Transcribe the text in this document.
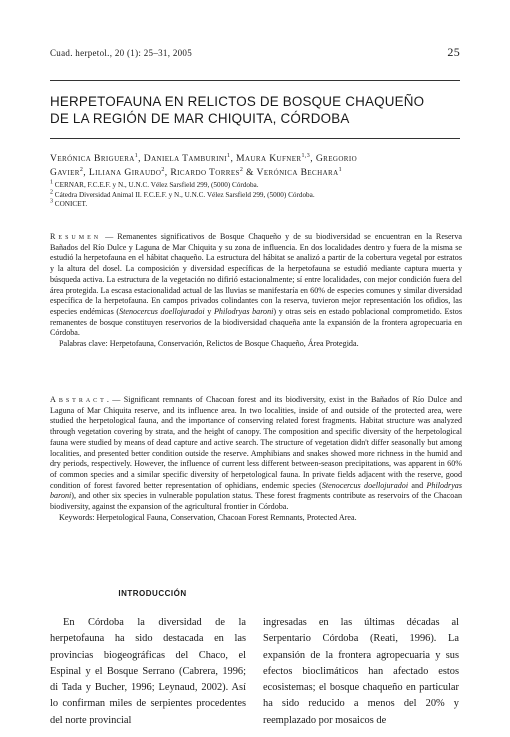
Cuad. herpetol., 20 (1): 25–31, 2005	25
HERPETOFAUNA EN RELICTOS DE BOSQUE CHAQUEÑO
DE LA REGIÓN DE MAR CHIQUITA, CÓRDOBA
Verónica Briguera$^1$, Daniela Tamburini$^1$, Maura Kufner$^{1,3}$, Gregorio
Gavier$^2$, Liliana Giraudo$^2$, Ricardo Torres$^2$ & Verónica Bechara$^1$
$^1$ CERNAR, F.C.E.F. y N., U.N.C. Vélez Sarsfield 299, (5000) Córdoba.
$^2$ Cátedra Diversidad Animal II. F.C.E.F. y N., U.N.C. Vélez Sarsfield 299, (5000) Córdoba.
$^3$ CONICET.
Resumen — Remanentes significativos de Bosque Chaqueño y de su biodiversidad se encuentran en la Reserva Bañados del Río Dulce y Laguna de Mar Chiquita y su zona de influencia. En dos localidades dentro y fuera de la misma se estudió la herpetofauna en el hábitat chaqueño. La estructura del hábitat se analizó a partir de la cobertura vegetal por estratos y la altura del dosel. La composición y diversidad específicas de la herpetofauna se estudió mediante captura muerta y búsqueda activa. La estructura de la vegetación no difirió estacionalmente; sí entre localidades, con mejor condición fuera del área protegida. La escasa estacionalidad actual de las lluvias se manifestaría en 60% de especies comunes y similar diversidad específica de la herpetofauna. En campos privados colindantes con la reserva, tuvieron mejor representación los ofidios, las especies endémicas (Stenocercus doellojuradoi y Philodryas baroni) y otras seis en estado poblacional comprometido. Estos remanentes de bosque constituyen reservorios de la biodiversidad chaqueña ante la expansión de la frontera agropecuaria en Córdoba.
Palabras clave: Herpetofauna, Conservación, Relictos de Bosque Chaqueño, Área Protegida.
Abstract. — Significant remnants of Chacoan forest and its biodiversity, exist in the Bañados of Río Dulce and Laguna of Mar Chiquita reserve, and its influence area. In two localities, inside of and outside of the protected area, were studied the herpetological fauna, and the importance of conserving related forest fragments. Habitat structure was analyzed through vegetation covering by strata, and the height of canopy. The composition and specific diversity of the herpetological fauna were studied by means of dead capture and active search. The structure of vegetation didn't differ seasonally but among localities, and presented better condition outside the reserve. Amphibians and snakes showed more richness in the humid and dry periods, respectively. However, the influence of current less different between-season precipitations, was apparent in 60% of common species and a similar specific diversity of herpetological fauna. In private fields adjacent with the reserve, good condition of forest favored better representation of ophidians, endemic species (Stenocercus doellojuradoi and Philodryas baroni), and other six species in vulnerable population status. These forest fragments contribute as reservoirs of the Chacoan biodiversity, against the expansion of the agricultural frontier in Córdoba.
Keywords: Herpetological Fauna, Conservation, Chacoan Forest Remnants, Protected Area.
INTRODUCCIÓN
En Córdoba la diversidad de la herpetofauna ha sido destacada en las provincias biogeográficas del Chaco, el Espinal y el Bosque Serrano (Cabrera, 1996; di Tada y Bucher, 1996; Leynaud, 2002). Así lo confirman miles de serpientes procedentes del norte provincial
ingresadas en las últimas décadas al Serpentario Córdoba (Reati, 1996). La expansión de la frontera agropecuaria y sus efectos bioclimáticos han afectado estos ecosistemas; el bosque chaqueño en particular ha sido reducido a menos del 20% y reemplazado por mosaicos de
